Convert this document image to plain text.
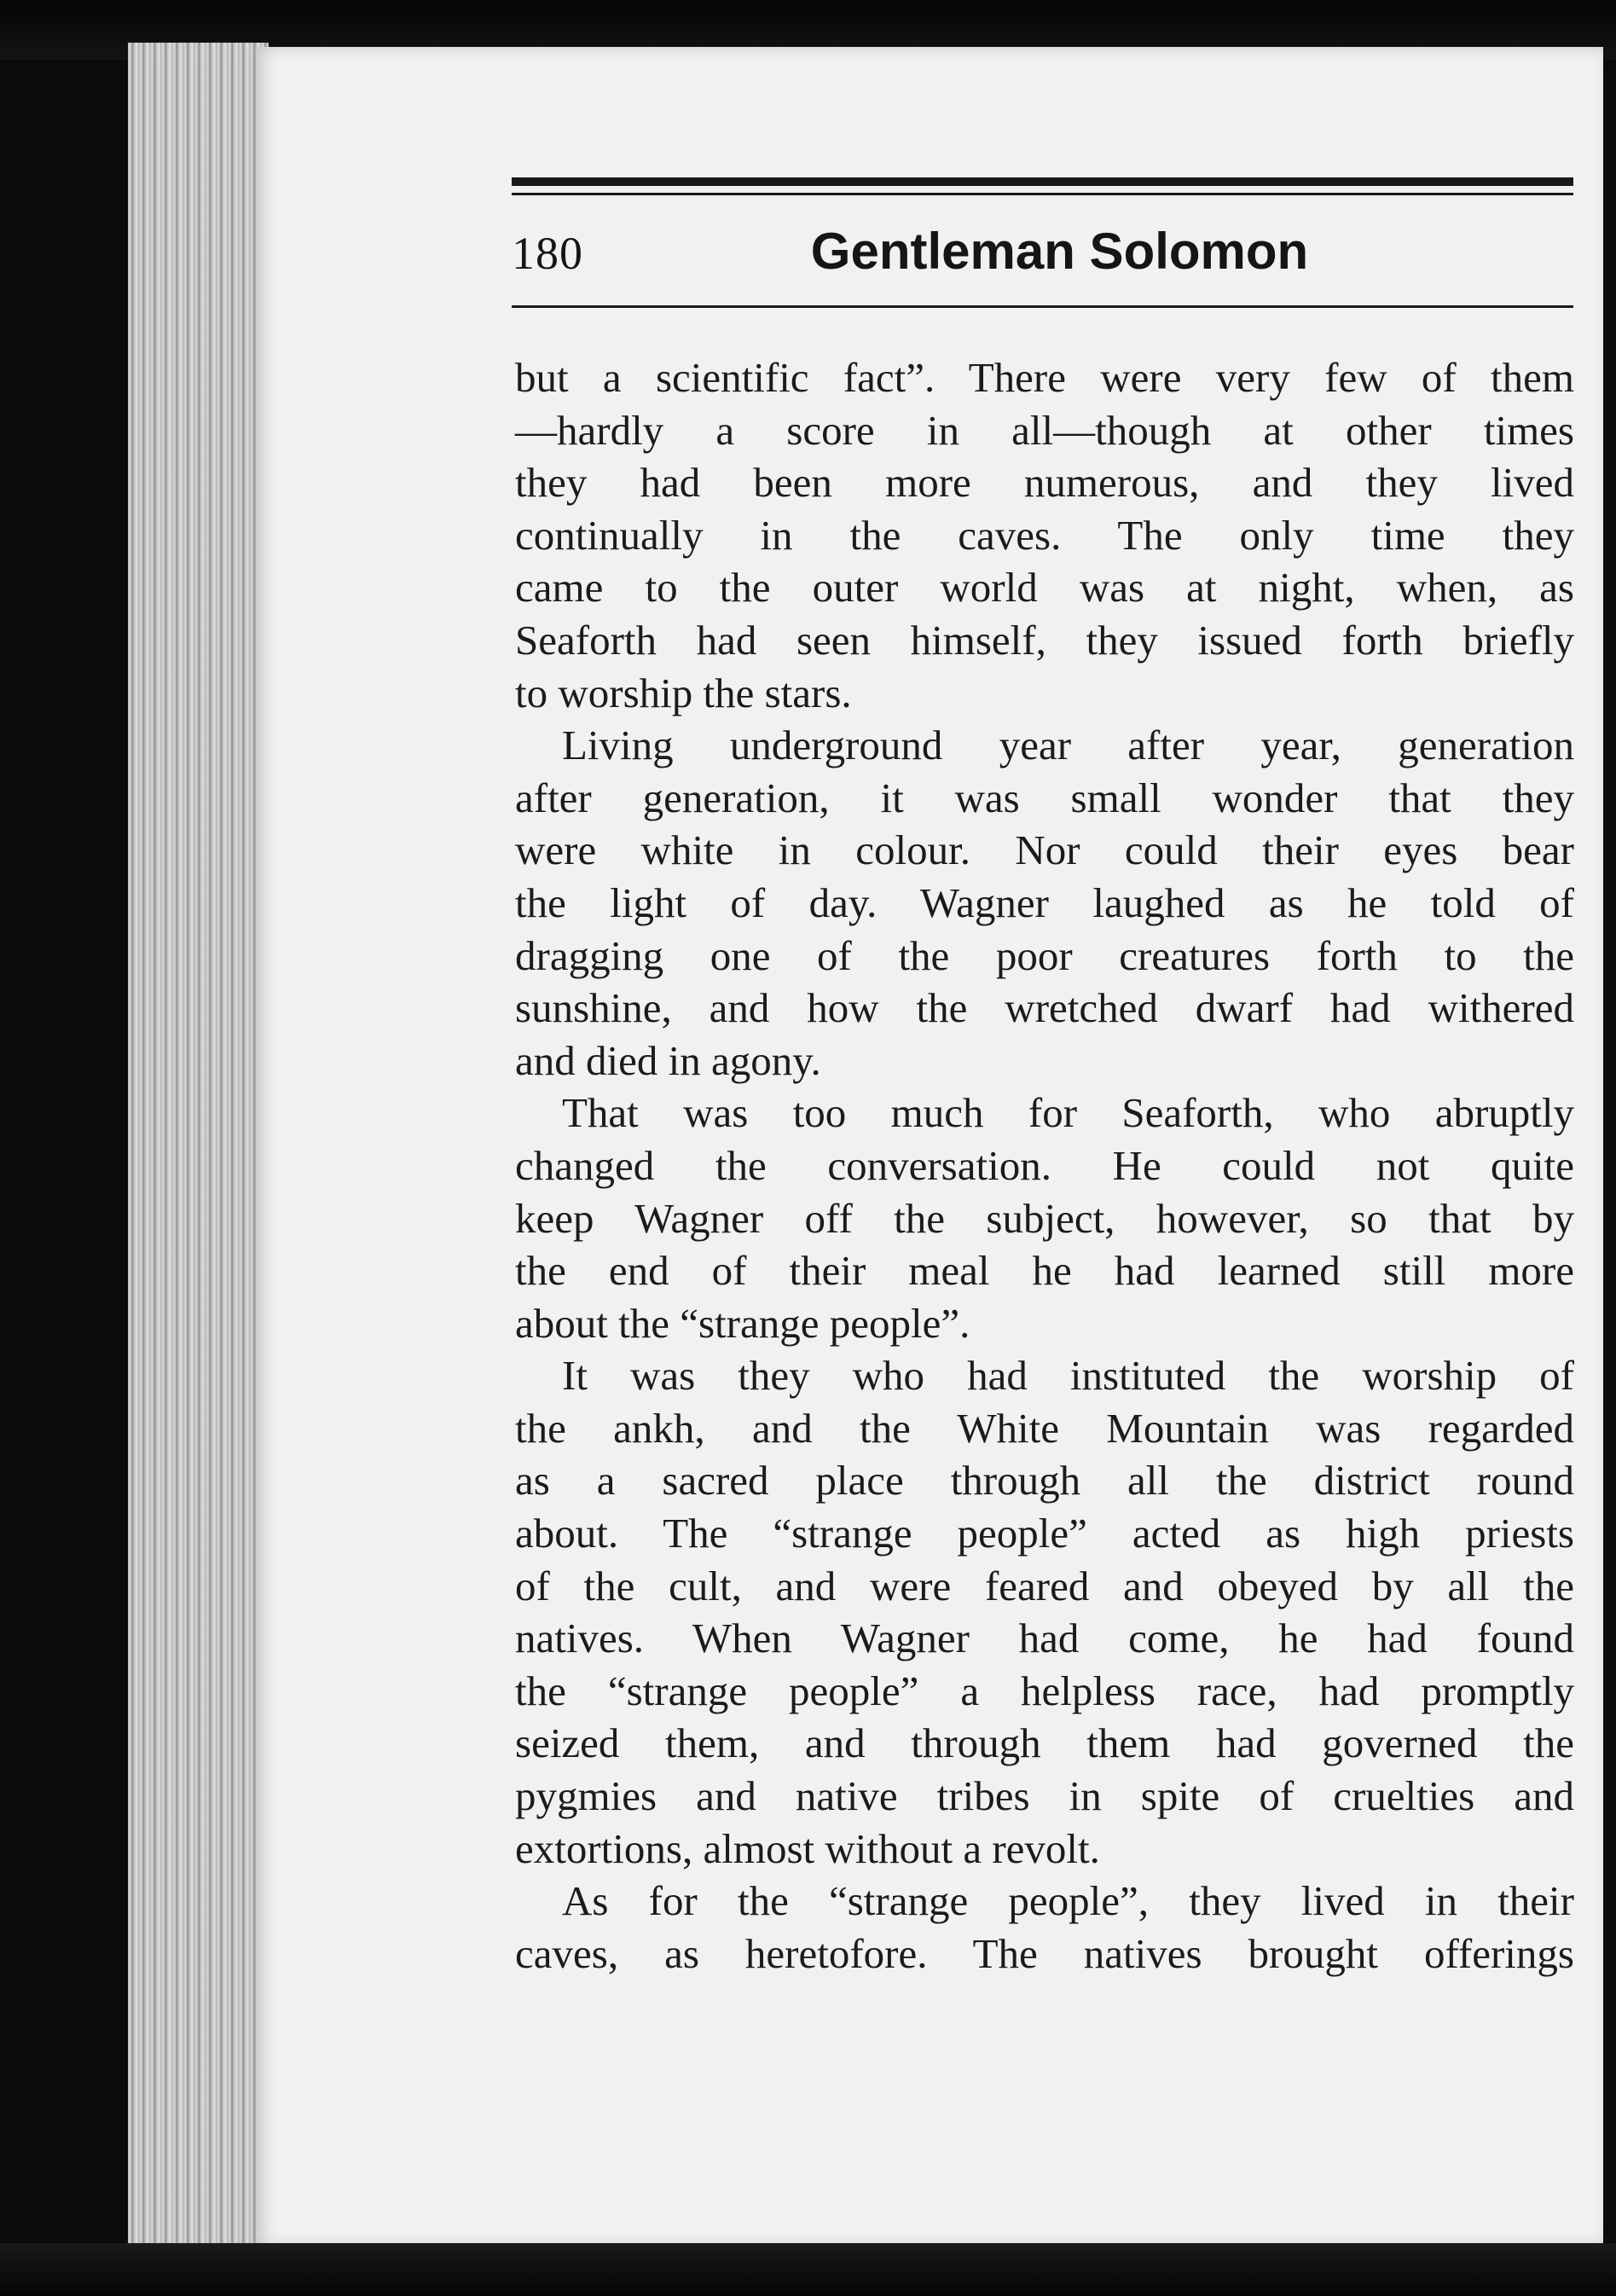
180	Gentleman Solomon
but a scientific fact”. There were very few of them
—hardly a score in all—though at other times
they had been more numerous, and they lived
continually in the caves. The only time they
came to the outer world was at night, when, as
Seaforth had seen himself, they issued forth briefly
to worship the stars.
Living underground year after year, generation
after generation, it was small wonder that they
were white in colour. Nor could their eyes bear
the light of day. Wagner laughed as he told of
dragging one of the poor creatures forth to the
sunshine, and how the wretched dwarf had withered
and died in agony.
That was too much for Seaforth, who abruptly
changed the conversation. He could not quite
keep Wagner off the subject, however, so that by
the end of their meal he had learned still more
about the “strange people”.
It was they who had instituted the worship of
the ankh, and the White Mountain was regarded
as a sacred place through all the district round
about. The “strange people” acted as high priests
of the cult, and were feared and obeyed by all the
natives. When Wagner had come, he had found
the “strange people” a helpless race, had promptly
seized them, and through them had governed the
pygmies and native tribes in spite of cruelties and
extortions, almost without a revolt.
As for the “strange people”, they lived in their
caves, as heretofore. The natives brought offerings
